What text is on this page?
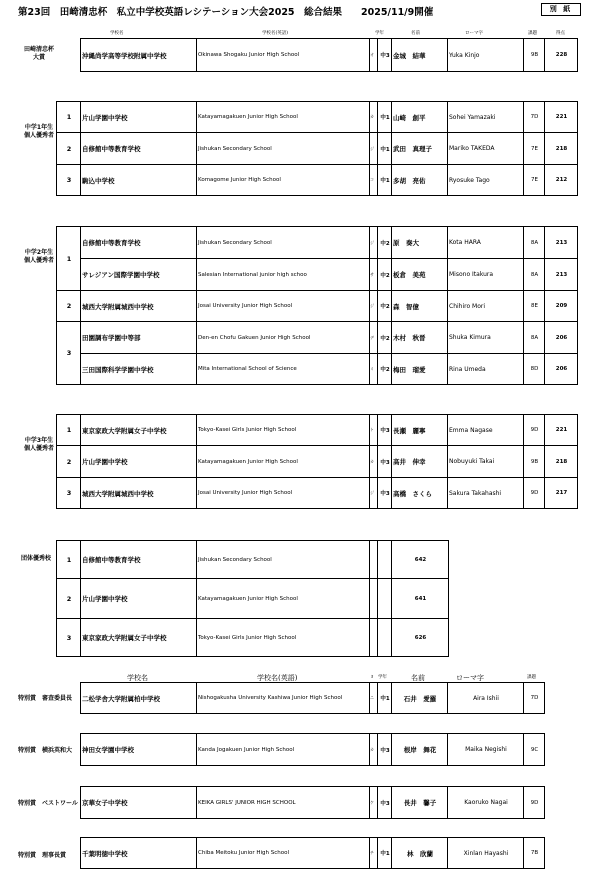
第23回　田崎清忠杯　私立中学校英語レシテーション大会2025　総合結果　　2025/11/9開催	別 紙
学校名	学校名(英語)	学年	名前	ローマ字	課題	得点
田崎清忠杯
大賞	沖縄尚学高等学校附属中学校	Okinawa Shogaku Junior High School	オ	中3	金城　結華	Yuka Kinjo	9B	228
中学1年生
個人優秀者
1	片山学園中学校	Katayamagakuen Junior High School	カ	中1	山崎　創平	Sohei Yamazaki	7D	221
2	自修館中等教育学校	Jishukan Secondary School	ジ	中1	武田　真理子	Mariko TAKEDA	7E	218
3	駒込中学校	Komagome Junior High School	コ	中1	多胡　亮佑	Ryosuke Tago	7E	212
中学2年生
個人優秀者	1	自修館中等教育学校	Jishukan Secondary School	ジ	中2	原　奏大	Kota HARA	8A	213
	サレジアン国際学園中学校	Salesian International junior high schoo	サ	中2	板倉　美苑	Misono Itakura	8A	213
2	城西大学附属城西中学校	Josai University Junior High School	ジ	中2	森　智億	Chihiro Mori	8E	209
3	田園調布学園中等部	Den-en Chofu Gakuen Junior High School	デ	中2	木村　秋晉	Shuka Kimura	8A	206
	三田国際科学学園中学校	Mita International School of Science	ミ	中2	梅田　瑠愛	Rina Umeda	8D	206
中学3年生
個人優秀者
1	東京家政大学附属女子中学校	Tokyo-Kasei Girls Junior High School	ト	中3	長瀬　麗寧	Emma Nagase	9D	221
2	片山学園中学校	Katayamagakuen Junior High School	カ	中3	高井　伸幸	Nobuyuki Takai	9B	218
3	城西大学附属城西中学校	Josai University Junior High School	ジ	中3	高橋　さくら	Sakura Takahashi	9D	217
団体優秀校	1	自修館中等教育学校	Jishukan Secondary School			642
2	片山学園中学校	Katayamagakuen Junior High School			641
3	東京家政大学附属女子中学校	Tokyo-Kasei Girls Junior High School			626
学校名	学校名(英語)	ﾖ 学年	名前	ローマ字	課題
特別賞　審査委員長 二松学舎大学附属柏中学校	Nishogakusha University Kashiwa Junior High School	ニ	中1	石井　愛羅	Aira Ishii	7D
特別賞　横浜英和大 神田女学園中学校	Kanda Jogakuen Junior High School	カ	中3	根岸　舞花	Maika Negishi	9C
特別賞　ベストワール 京華女子中学校	KEIKA GIRLS' JUNIOR HIGH SCHOOL	ケ	中3	長井　馨子	Kaoruko Nagai	9D
特別賞　理事長賞 千葉明徳中学校	Chiba Meitoku Junior High School	チ	中1	林　欣蘭	Xinlan Hayashi	7B
